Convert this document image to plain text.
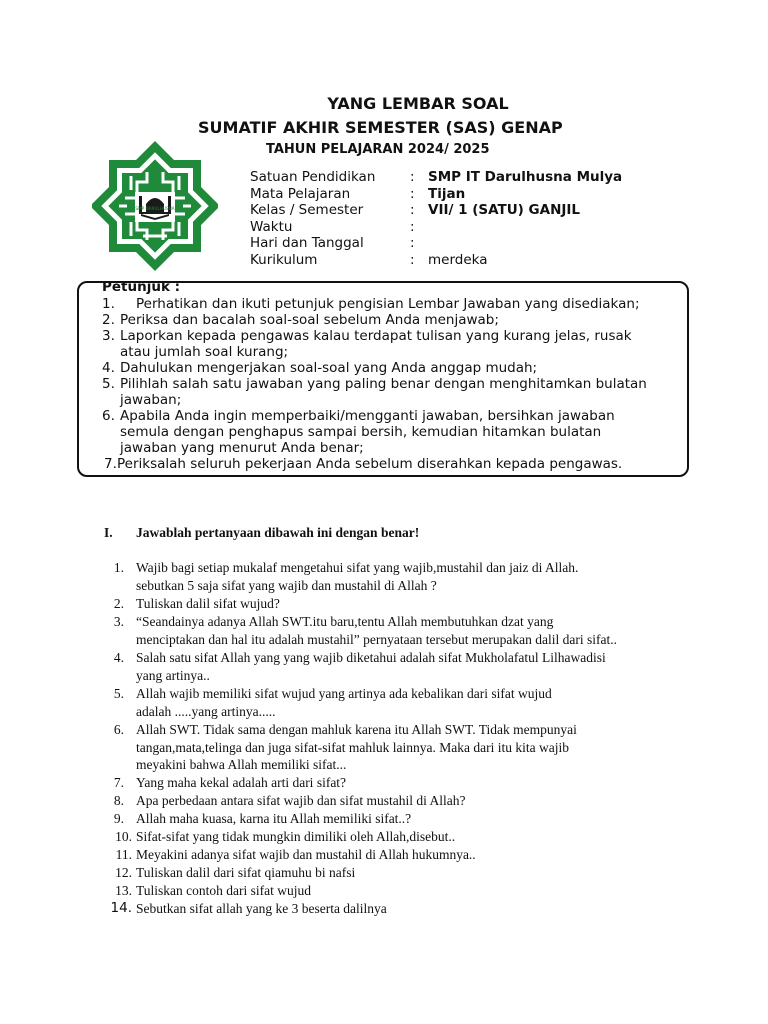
YANG LEMBAR SOAL
SUMATIF AKHIR SEMESTER (SAS) GENAP
TAHUN PELAJARAN 2024/ 2025
SMP DARULHUSNA
Satuan Pendidikan	: SMP IT Darulhusna Mulya
Mata Pelajaran	: Tijan
Kelas / Semester	: VII/ 1 (SATU) GANJIL
Waktu	:
Hari dan Tanggal	:
Kurikulum	: merdeka
Petunjuk :
1. Perhatikan dan ikuti petunjuk pengisian Lembar Jawaban yang disediakan;
2. Periksa dan bacalah soal-soal sebelum Anda menjawab;
3. Laporkan kepada pengawas kalau terdapat tulisan yang kurang jelas, rusak
atau jumlah soal kurang;
4. Dahulukan mengerjakan soal-soal yang Anda anggap mudah;
5. Pilihlah salah satu jawaban yang paling benar dengan menghitamkan bulatan
jawaban;
6. Apabila Anda ingin memperbaiki/mengganti jawaban, bersihkan jawaban
semula dengan penghapus sampai bersih, kemudian hitamkan bulatan
jawaban yang menurut Anda benar;
7. Periksalah seluruh pekerjaan Anda sebelum diserahkan kepada pengawas.
I. Jawablah pertanyaan dibawah ini dengan benar!
1. Wajib bagi setiap mukalaf mengetahui sifat yang wajib,mustahil dan jaiz di Allah.
sebutkan 5 saja sifat yang wajib dan mustahil di Allah ?
2. Tuliskan dalil sifat wujud?
3. “Seandainya adanya Allah SWT.itu baru,tentu Allah membutuhkan dzat yang
menciptakan dan hal itu adalah mustahil” pernyataan tersebut merupakan dalil dari sifat..
4. Salah satu sifat Allah yang yang wajib diketahui adalah sifat Mukholafatul Lilhawadisi
yang artinya..
5. Allah wajib memiliki sifat wujud yang artinya ada kebalikan dari sifat wujud
adalah .....yang artinya.....
6. Allah SWT. Tidak sama dengan mahluk karena itu Allah SWT. Tidak mempunyai
tangan,mata,telinga dan juga sifat-sifat mahluk lainnya. Maka dari itu kita wajib
meyakini bahwa Allah memiliki sifat...
7. Yang maha kekal adalah arti dari sifat?
8. Apa perbedaan antara sifat wajib dan sifat mustahil di Allah?
9. Allah maha kuasa, karna itu Allah memiliki sifat..?
10. Sifat-sifat yang tidak mungkin dimiliki oleh Allah,disebut..
11. Meyakini adanya sifat wajib dan mustahil di Allah hukumnya..
12. Tuliskan dalil dari sifat qiamuhu bi nafsi
13. Tuliskan contoh dari sifat wujud
14. Sebutkan sifat allah yang ke 3 beserta dalilnya
